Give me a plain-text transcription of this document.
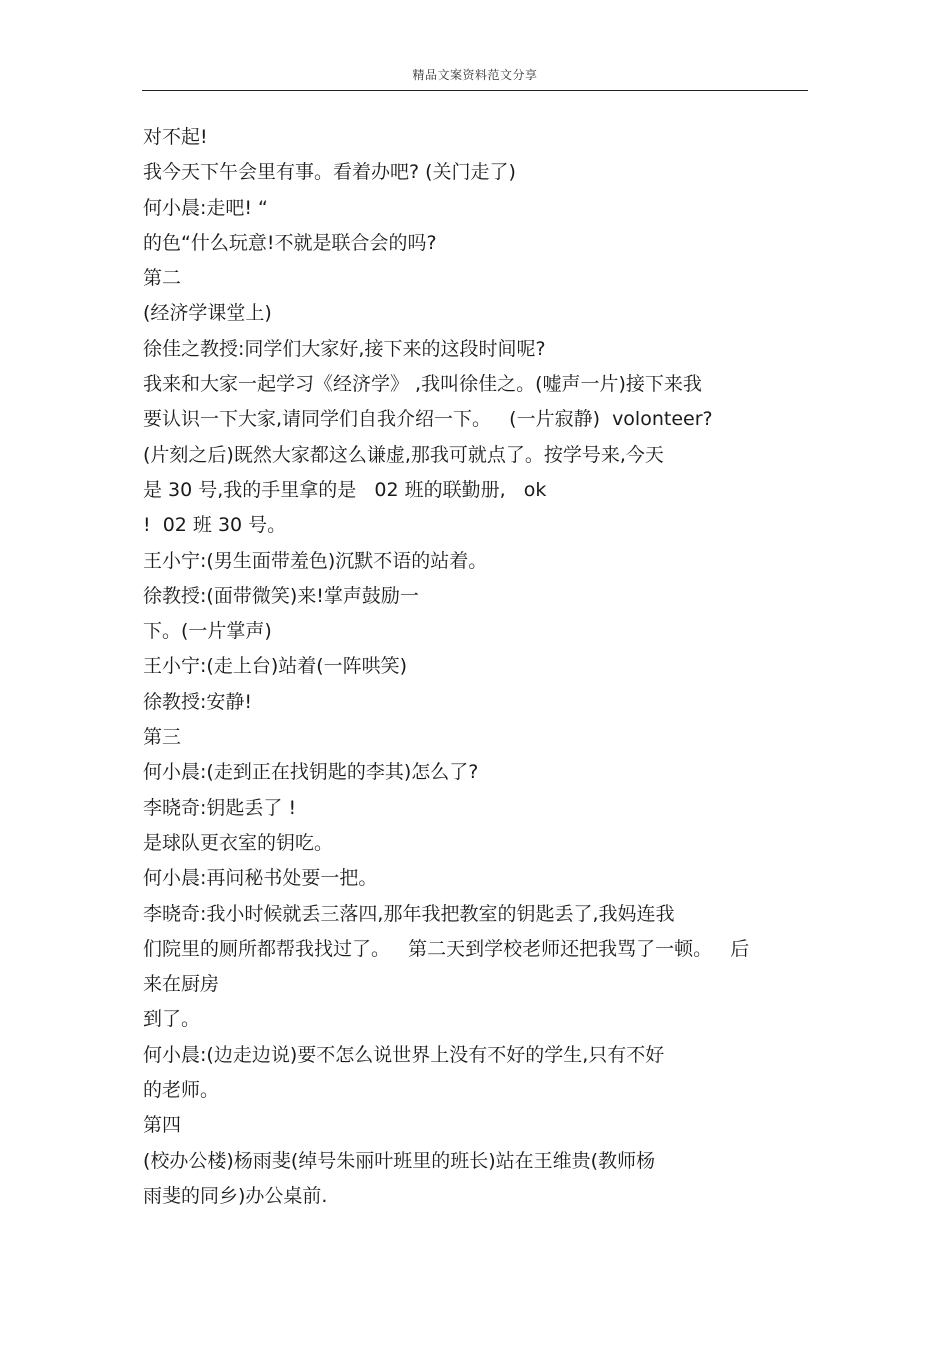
精品文案资料范文分享
对不起!
我今天下午会里有事。看着办吧? (关门走了)
何小晨:走吧! “
的色“什么玩意!不就是联合会的吗?
第二
(经济学课堂上)
徐佳之教授:同学们大家好,接下来的这段时间呢?
我来和大家一起学习《经济学》 ,我叫徐佳之。(嘘声一片)接下来我
要认识一下大家,请同学们自我介绍一下。   (一片寂静)  volonteer?
(片刻之后)既然大家都这么谦虚,那我可就点了。按学号来,今天
是 30 号,我的手里拿的是   02 班的联勤册,   ok
!  02 班 30 号。
王小宁:(男生面带羞色)沉默不语的站着。
徐教授:(面带微笑)来!掌声鼓励一
下。(一片掌声)
王小宁:(走上台)站着(一阵哄笑)
徐教授:安静!
第三
何小晨:(走到正在找钥匙的李其)怎么了?
李晓奇:钥匙丢了 !
是球队更衣室的钥吃。
何小晨:再问秘书处要一把。
李晓奇:我小时候就丢三落四,那年我把教室的钥匙丢了,我妈连我
们院里的厕所都帮我找过了。   第二天到学校老师还把我骂了一顿。   后
来在厨房
到了。
何小晨:(边走边说)要不怎么说世界上没有不好的学生,只有不好
的老师。
第四
(校办公楼)杨雨斐(绰号朱丽叶班里的班长)站在王维贵(教师杨
雨斐的同乡)办公桌前.
